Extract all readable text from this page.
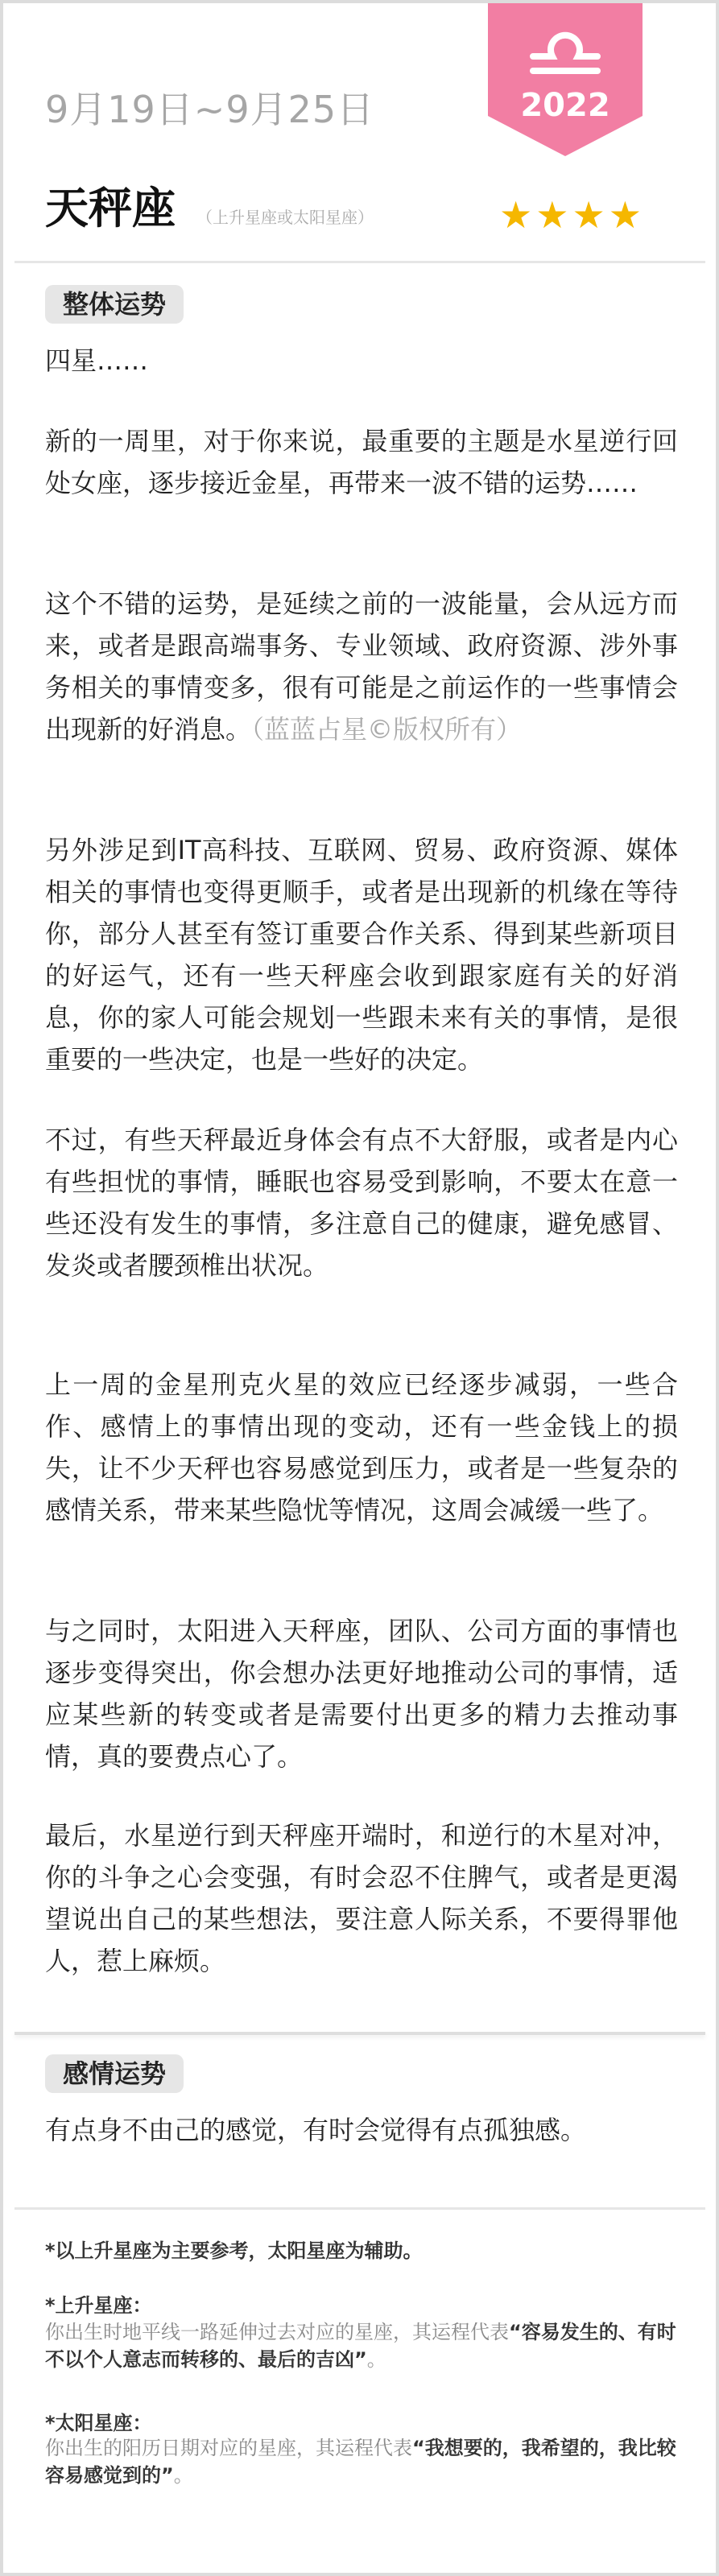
9月19日~9月25日	2022
天秤座 （上升星座或太阳星座）	★★★★
整体运势

四星……

新的一周里，对于你来说，最重要的主题是水星逆行回处女座，逐步接近金星，再带来一波不错的运势……

这个不错的运势，是延续之前的一波能量，会从远方而来，或者是跟高端事务、专业领域、政府资源、涉外事务相关的事情变多，很有可能是之前运作的一些事情会出现新的好消息。（蓝蓝占星©版权所有）

另外涉足到IT高科技、互联网、贸易、政府资源、媒体相关的事情也变得更顺手，或者是出现新的机缘在等待你，部分人甚至有签订重要合作关系、得到某些新项目的好运气，还有一些天秤座会收到跟家庭有关的好消息，你的家人可能会规划一些跟未来有关的事情，是很重要的一些决定，也是一些好的决定。

不过，有些天秤最近身体会有点不大舒服，或者是内心有些担忧的事情，睡眠也容易受到影响，不要太在意一些还没有发生的事情，多注意自己的健康，避免感冒、发炎或者腰颈椎出状况。

上一周的金星刑克火星的效应已经逐步减弱，一些合作、感情上的事情出现的变动，还有一些金钱上的损失，让不少天秤也容易感觉到压力，或者是一些复杂的感情关系，带来某些隐忧等情况，这周会减缓一些了。

与之同时，太阳进入天秤座，团队、公司方面的事情也逐步变得突出，你会想办法更好地推动公司的事情，适应某些新的转变或者是需要付出更多的精力去推动事情，真的要费点心了。

最后，水星逆行到天秤座开端时，和逆行的木星对冲，你的斗争之心会变强，有时会忍不住脾气，或者是更渴望说出自己的某些想法，要注意人际关系，不要得罪他人，惹上麻烦。

感情运势

有点身不由己的感觉，有时会觉得有点孤独感。

*以上升星座为主要参考，太阳星座为辅助。
*上升星座：
你出生时地平线一路延伸过去对应的星座，其运程代表“容易发生的、有时不以个人意志而转移的、最后的吉凶”。
*太阳星座：
你出生的阳历日期对应的星座，其运程代表“我想要的，我希望的，我比较容易感觉到的”。
